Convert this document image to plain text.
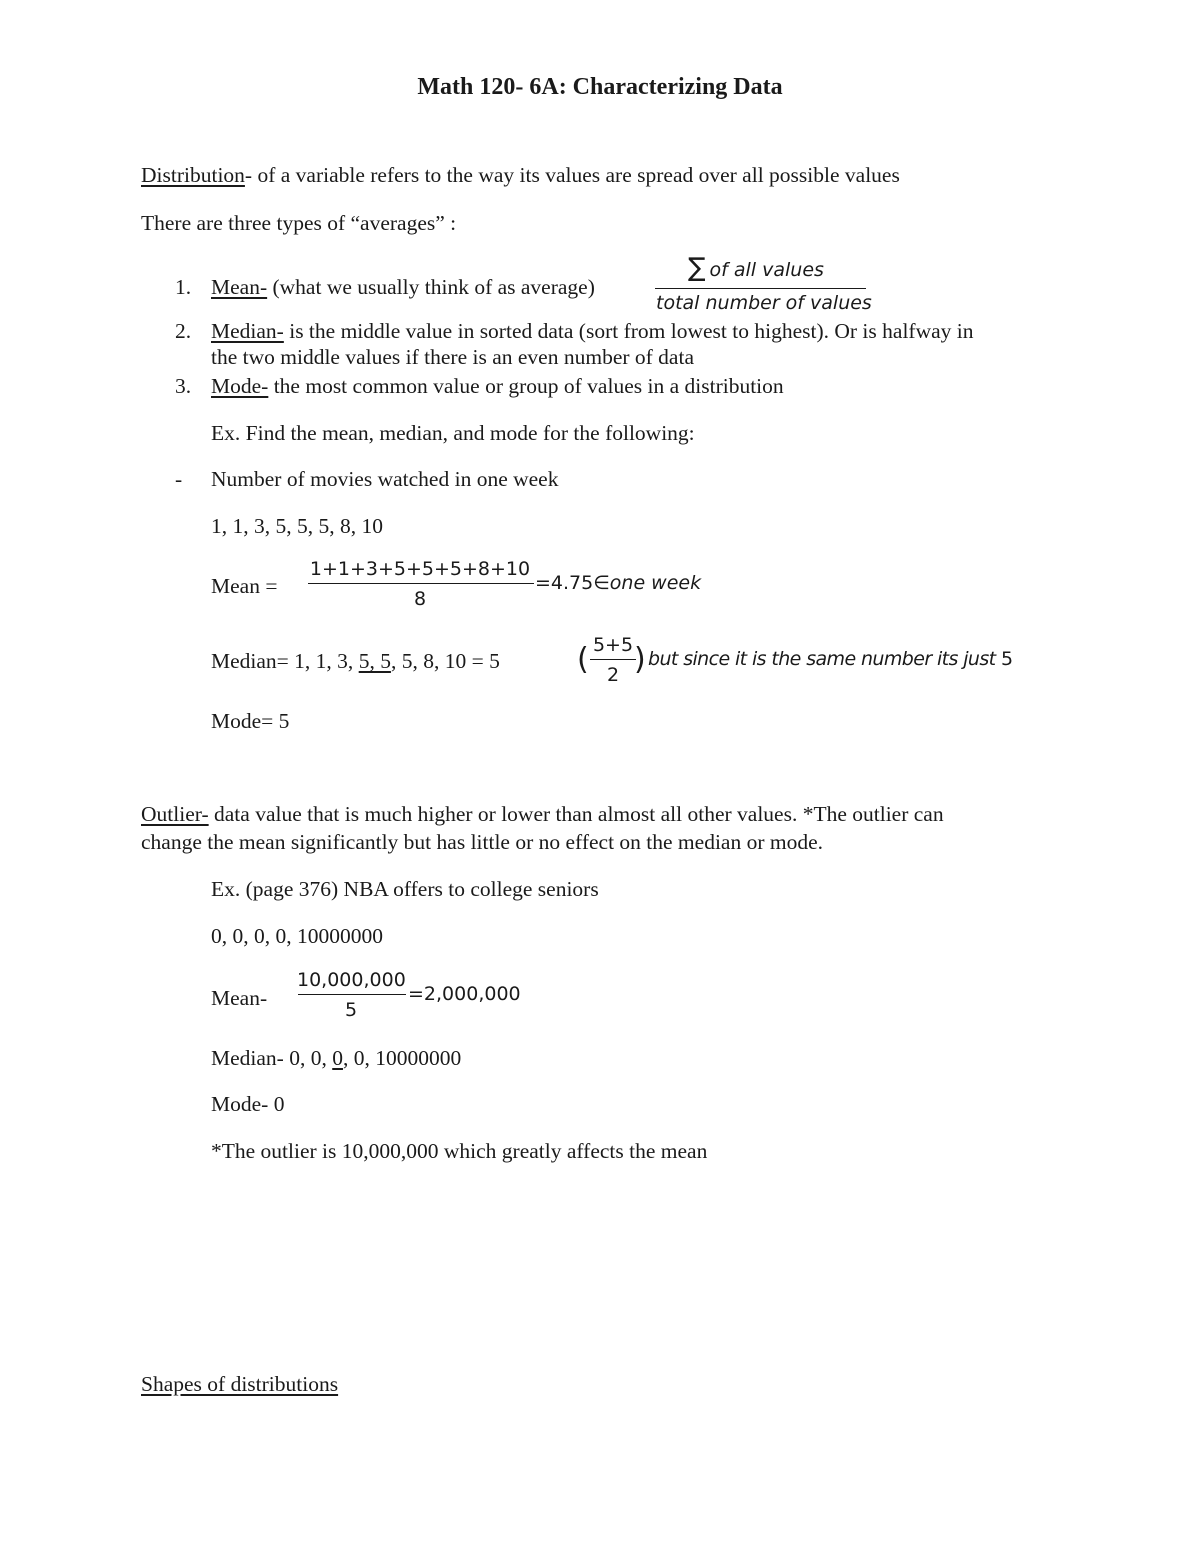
Math 120- 6A: Characterizing Data
Distribution- of a variable refers to the way its values are spread over all possible values
There are three types of “averages” :
1. Mean- (what we usually think of as average)
∑ of all values
total number of values
2. Median- is the middle value in sorted data (sort from lowest to highest). Or is halfway in
the two middle values if there is an even number of data
3. Mode- the most common value or group of values in a distribution
Ex. Find the mean, median, and mode for the following:
- Number of movies watched in one week
1, 1, 3, 5, 5, 5, 8, 10
Mean =
1+1+3+5+5+5+8+10
8
=4.75∈one week
Median= 1, 1, 3, 5, 5, 5, 8, 10 = 5	( 5+5
2 ) but since it is the same number its just 5
Mode= 5
Outlier- data value that is much higher or lower than almost all other values. *The outlier can
change the mean significantly but has little or no effect on the median or mode.
Ex. (page 376) NBA offers to college seniors
0, 0, 0, 0, 10000000
Mean-
10,000,000
5
=2,000,000
Median- 0, 0, 0, 0, 10000000
Mode- 0
*The outlier is 10,000,000 which greatly affects the mean
Shapes of distributions
